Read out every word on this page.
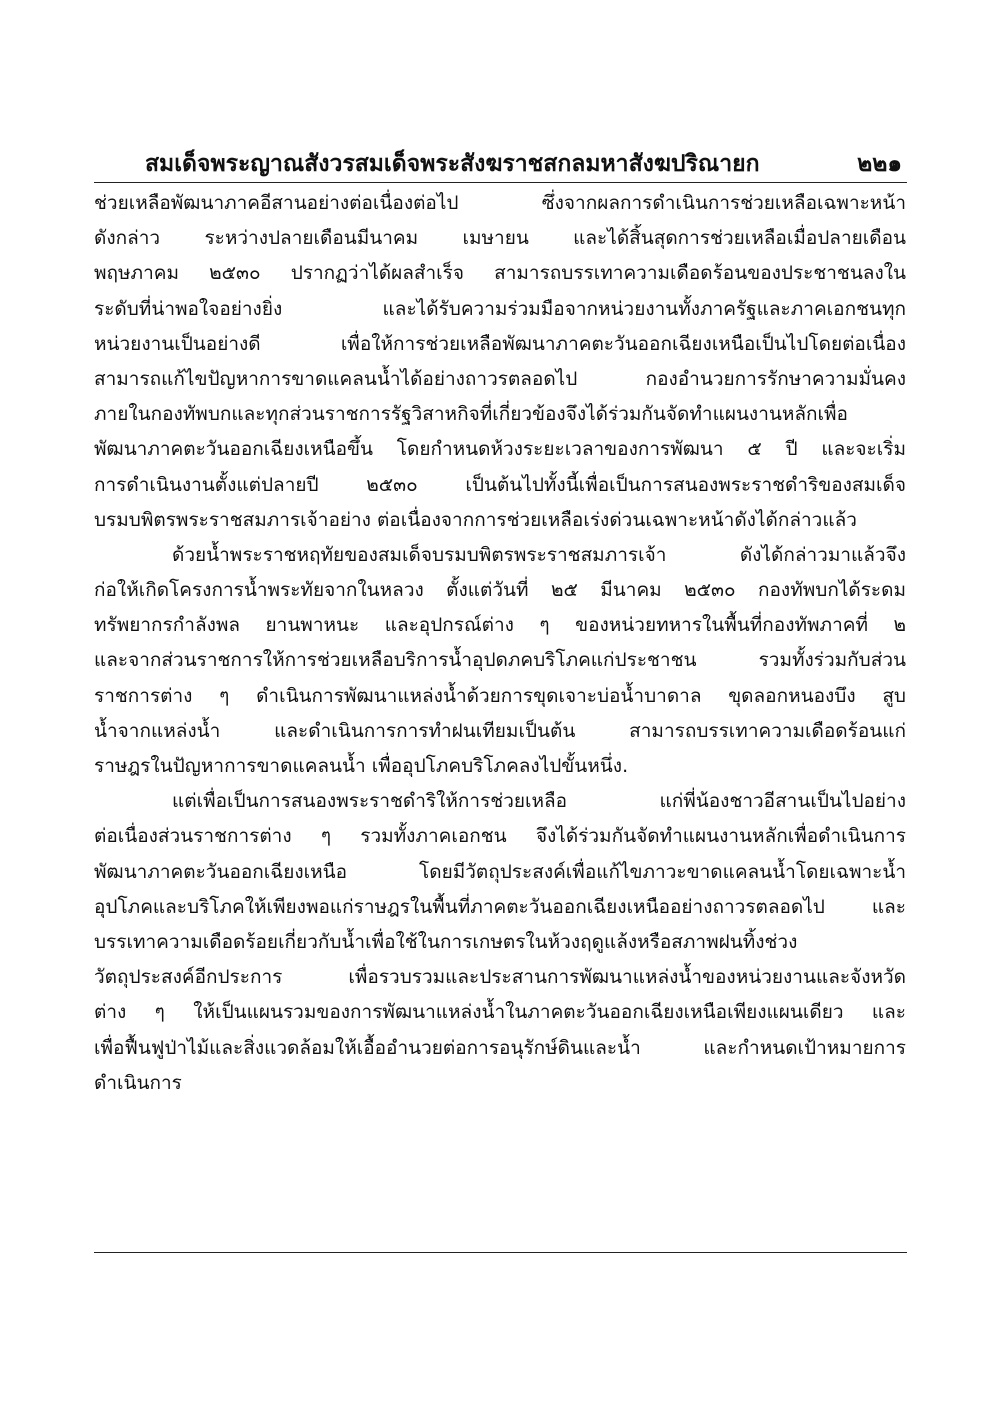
สมเด็จพระญาณสังวรสมเด็จพระสังฆราชสกลมหาสังฆปริณายก	๒๒๑
ช่วยเหลือพัฒนาภาคอีสานอย่างต่อเนื่องต่อไป ซึ่งจากผลการดำเนินการช่วยเหลือเฉพาะหน้า
ดังกล่าว ระหว่างปลายเดือนมีนาคม เมษายน และได้สิ้นสุดการช่วยเหลือเมื่อปลายเดือน
พฤษภาคม ๒๕๓๐ ปรากฏว่าได้ผลสำเร็จ สามารถบรรเทาความเดือดร้อนของประชาชนลงใน
ระดับที่น่าพอใจอย่างยิ่ง และได้รับความร่วมมือจากหน่วยงานทั้งภาครัฐและภาคเอกชนทุก
หน่วยงานเป็นอย่างดี เพื่อให้การช่วยเหลือพัฒนาภาคตะวันออกเฉียงเหนือเป็นไปโดยต่อเนื่อง
สามารถแก้ไขปัญหาการขาดแคลนน้ำได้อย่างถาวรตลอดไป กองอำนวยการรักษาความมั่นคง
ภายในกองทัพบกและทุกส่วนราชการรัฐวิสาหกิจที่เกี่ยวข้องจึงได้ร่วมกันจัดทำแผนงานหลักเพื่อ
พัฒนาภาคตะวันออกเฉียงเหนือขึ้น โดยกำหนดห้วงระยะเวลาของการพัฒนา ๕ ปี และจะเริ่ม
การดำเนินงานตั้งแต่ปลายปี ๒๕๓๐ เป็นต้นไปทั้งนี้เพื่อเป็นการสนองพระราชดำริของสมเด็จ
บรมบพิตรพระราชสมภารเจ้าอย่าง ต่อเนื่องจากการช่วยเหลือเร่งด่วนเฉพาะหน้าดังได้กล่าวแล้ว
ด้วยน้ำพระราชหฤทัยของสมเด็จบรมบพิตรพระราชสมภารเจ้า ดังได้กล่าวมาแล้วจึง
ก่อให้เกิดโครงการน้ำพระทัยจากในหลวง ตั้งแต่วันที่ ๒๕ มีนาคม ๒๕๓๐ กองทัพบกได้ระดม
ทรัพยากรกำลังพล ยานพาหนะ และอุปกรณ์ต่าง ๆ ของหน่วยทหารในพื้นที่กองทัพภาคที่ ๒
และจากส่วนราชการให้การช่วยเหลือบริการน้ำอุปดภคบริโภคแก่ประชาชน รวมทั้งร่วมกับส่วน
ราชการต่าง ๆ ดำเนินการพัฒนาแหล่งน้ำด้วยการขุดเจาะบ่อน้ำบาดาล ขุดลอกหนองบึง สูบ
น้ำจากแหล่งน้ำ และดำเนินการการทำฝนเทียมเป็นต้น สามารถบรรเทาความเดือดร้อนแก่
ราษฎรในปัญหาการขาดแคลนน้ำ เพื่ออุปโภคบริโภคลงไปขั้นหนึ่ง.
แต่เพื่อเป็นการสนองพระราชดำริให้การช่วยเหลือ แก่พี่น้องชาวอีสานเป็นไปอย่าง
ต่อเนื่องส่วนราชการต่าง ๆ รวมทั้งภาคเอกชน จึงได้ร่วมกันจัดทำแผนงานหลักเพื่อดำเนินการ
พัฒนาภาคตะวันออกเฉียงเหนือ โดยมีวัตถุประสงค์เพื่อแก้ไขภาวะขาดแคลนน้ำโดยเฉพาะน้ำ
อุปโภคและบริโภคให้เพียงพอแก่ราษฎรในพื้นที่ภาคตะวันออกเฉียงเหนืออย่างถาวรตลอดไป และ
บรรเทาความเดือดร้อยเกี่ยวกับน้ำเพื่อใช้ในการเกษตรในห้วงฤดูแล้งหรือสภาพฝนทิ้งช่วง
วัตถุประสงค์อีกประการ เพื่อรวบรวมและประสานการพัฒนาแหล่งน้ำของหน่วยงานและจังหวัด
ต่าง ๆ ให้เป็นแผนรวมของการพัฒนาแหล่งน้ำในภาคตะวันออกเฉียงเหนือเพียงแผนเดียว และ
เพื่อฟื้นฟูป่าไม้และสิ่งแวดล้อมให้เอื้ออำนวยต่อการอนุรักษ์ดินและน้ำ และกำหนดเป้าหมายการ
ดำเนินการ
